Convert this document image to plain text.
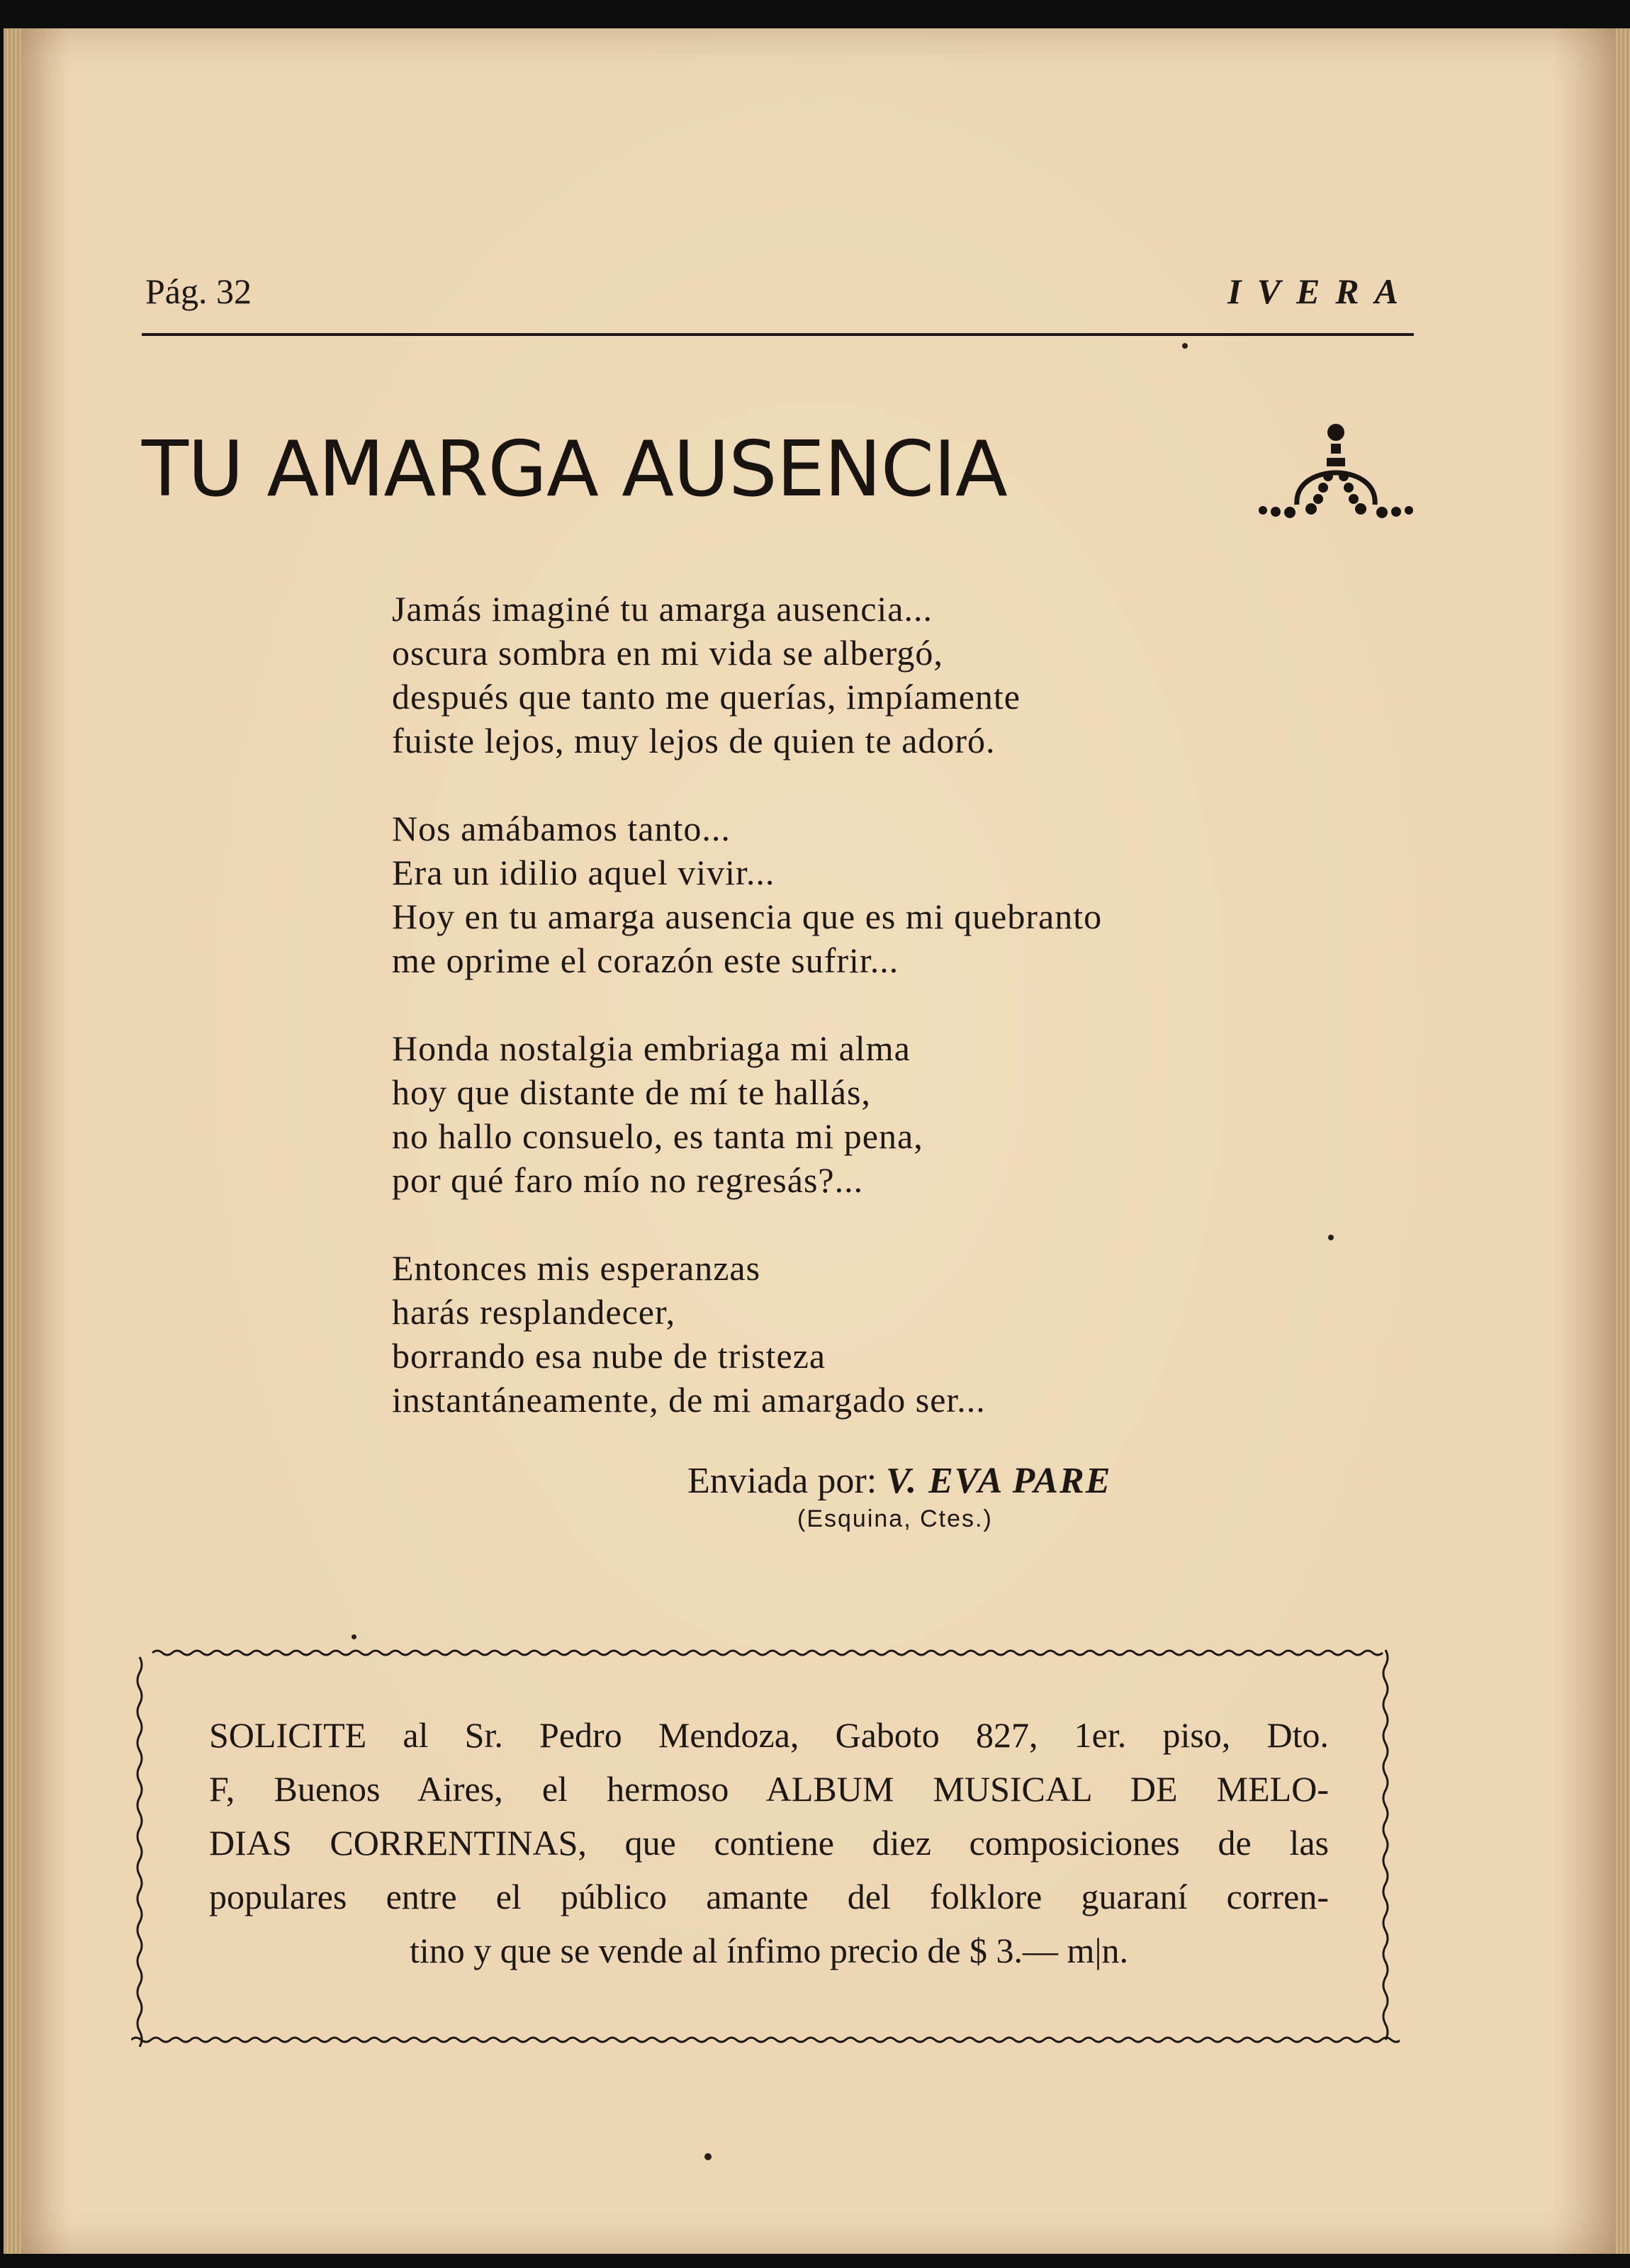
Pág. 32	IVERA
TU AMARGA AUSENCIA
Jamás imaginé tu amarga ausencia...
oscura sombra en mi vida se albergó,
después que tanto me querías, impíamente
fuiste lejos, muy lejos de quien te adoró.
Nos amábamos tanto...
Era un idilio aquel vivir...
Hoy en tu amarga ausencia que es mi quebranto
me oprime el corazón este sufrir...
Honda nostalgia embriaga mi alma
hoy que distante de mí te hallás,
no hallo consuelo, es tanta mi pena,
por qué faro mío no regresás?...
Entonces mis esperanzas
harás resplandecer,
borrando esa nube de tristeza
instantáneamente, de mi amargado ser...
Enviada por: V. EVA PARE
(Esquina, Ctes.)
SOLICITE al Sr. Pedro Mendoza, Gaboto 827, 1er. piso, Dto.
F, Buenos Aires, el hermoso ALBUM MUSICAL DE MELO-
DIAS CORRENTINAS, que contiene diez composiciones de las
populares entre el público amante del folklore guaraní corren-
tino y que se vende al ínfimo precio de $ 3.— m|n.
